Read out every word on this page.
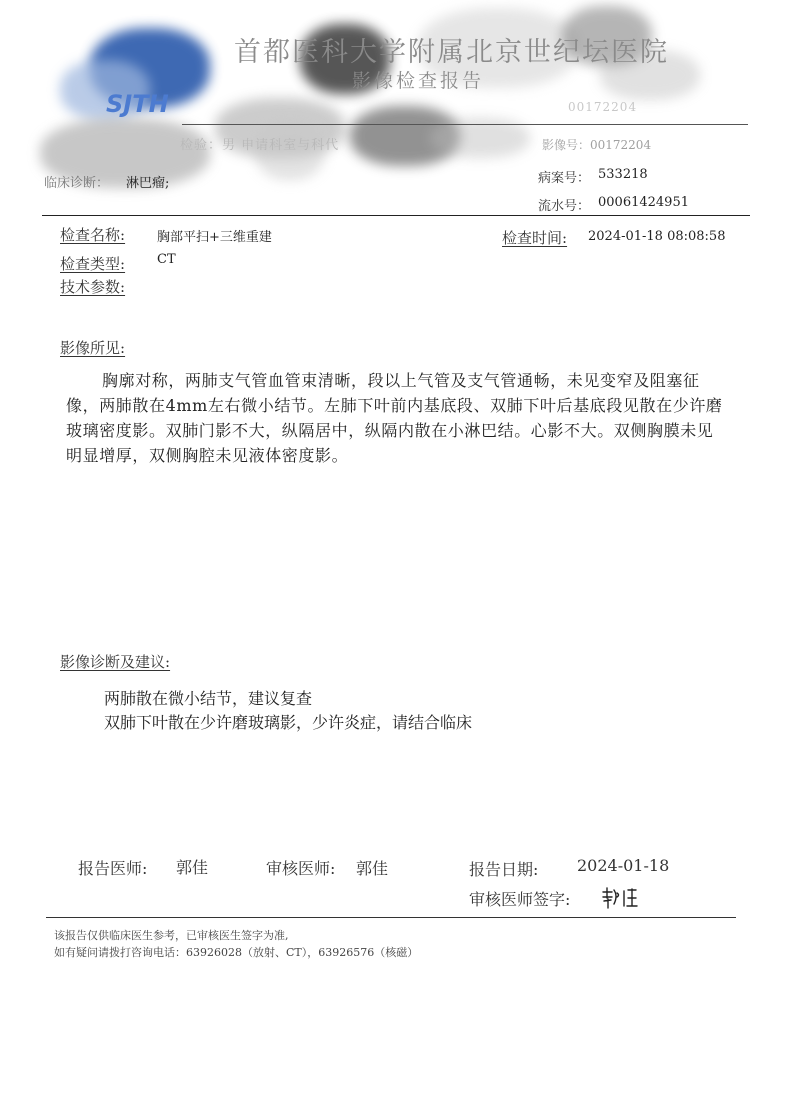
首都医科大学附属北京世纪坛医院
影像检查报告
SJTH	00172204
检验：男 申请科室与科代	影像号：00172204
临床诊断： 淋巴瘤;	病案号： 533218
流水号： 00061424951
检查名称: 胸部平扫+三维重建	检查时间: 2024-01-18 08:08:58
检查类型: CT
技术参数:
影像所见:
胸廓对称，两肺支气管血管束清晰，段以上气管及支气管通畅，未见变窄及阻塞征像，两肺散在4mm左右微小结节。左肺下叶前内基底段、双肺下叶后基底段见散在少许磨玻璃密度影。双肺门影不大，纵隔居中，纵隔内散在小淋巴结。心影不大。双侧胸膜未见明显增厚，双侧胸腔未见液体密度影。
影像诊断及建议:
两肺散在微小结节，建议复查
双肺下叶散在少许磨玻璃影，少许炎症，请结合临床
报告医师: 郭佳	审核医师: 郭佳	报告日期: 2024-01-18
审核医师签字:
该报告仅供临床医生参考，已审核医生签字为准,
如有疑问请拨打咨询电话：63926028（放射、CT），63926576（核磁）
